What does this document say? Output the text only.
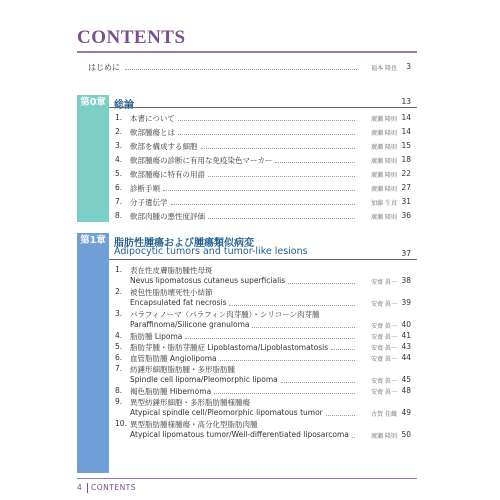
CONTENTS
はじめに	福本 隆也 3
第0章 総論	13
1. 本書について	廣瀬 隆則 14
2. 軟部腫瘍とは	廣瀬 隆則 14
3. 軟部を構成する細胞	廣瀬 隆則 15
4. 軟部腫瘍の診断に有用な免疫染色マーカー	廣瀬 隆則 18
5. 軟部腫瘍に特有の用語	廣瀬 隆則 22
6. 診断手順	廣瀬 隆則 27
7. 分子遺伝学	加藤 生真 31
8. 軟部肉腫の悪性度評価	廣瀬 隆則 36
第1章 脂肪性腫瘍および腫瘍類似病変
Adipocytic tumors and tumor-like lesions	37
1. 表在性皮膚脂肪腫性母斑
Nevus lipomatosus cutaneus superficialis	安齋 眞一 38
2. 被包性脂肪壊死性小結節
Encapsulated fat necrosis	安齋 眞一 39
3. パラフィノーマ（パラフィン肉芽腫）・シリコーン肉芽腫
Paraffinoma/Silicone granuloma	安齋 眞一 40
4. 脂肪腫 Lipoma	安齋 眞一 41
5. 脂肪芽腫・脂肪芽腫症 Lipoblastoma/Lipoblastomatosis	安齋 眞一 43
6. 血管脂肪腫 Angiolipoma	安齋 眞一 44
7. 紡錘形細胞脂肪腫・多形脂肪腫
Spindle cell lipoma/Pleomorphic lipoma	安齋 眞一 45
8. 褐色脂肪腫 Hibernoma	安齋 眞一 48
9. 異型紡錘形細胞・多形脂肪腫様腫瘍
Atypical spindle cell/Pleomorphic lipomatous tumor	古賀 佳織 49
10. 異型脂肪腫様腫瘍・高分化型脂肪肉腫
Atypical lipomatous tumor/Well-differentiated liposarcoma	廣瀬 隆則 50
4 CONTENTS
